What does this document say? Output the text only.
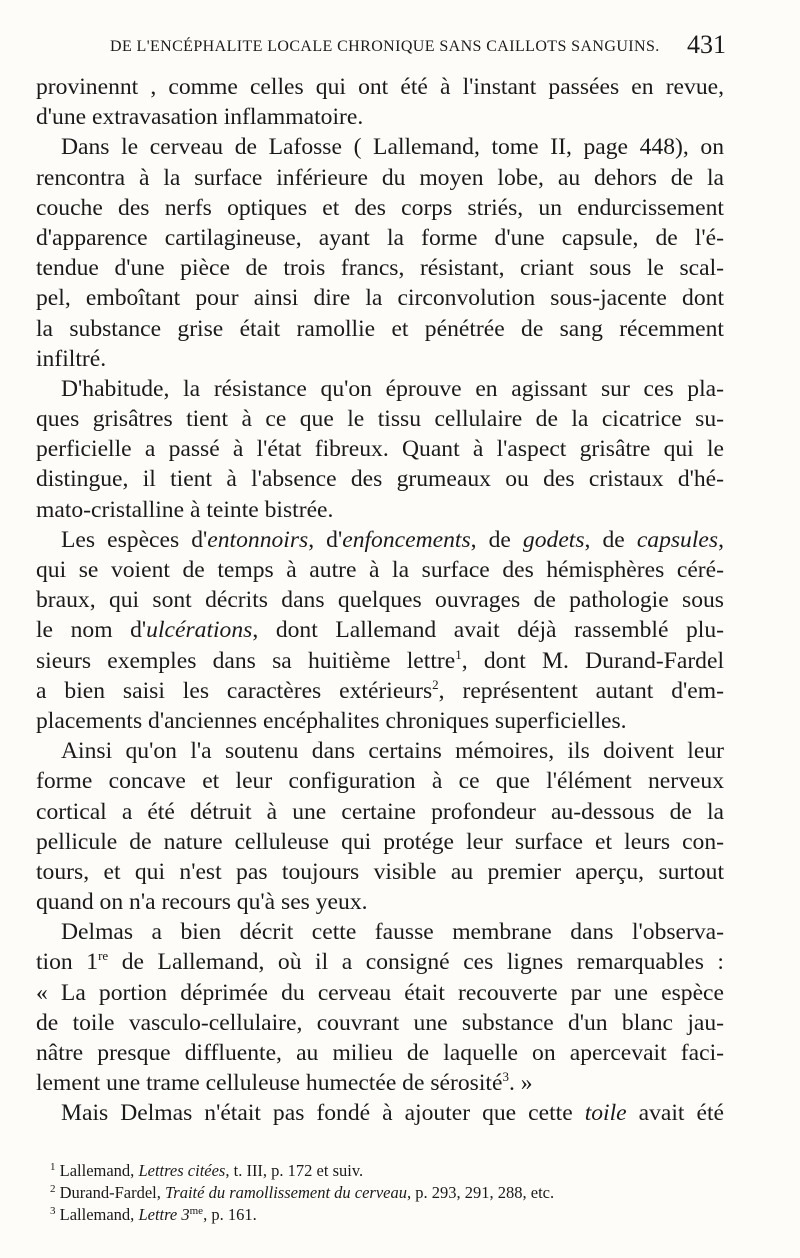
DE L'ENCÉPHALITE LOCALE CHRONIQUE SANS CAILLOTS SANGUINS. 431
provinennt , comme celles qui ont été à l'instant passées en revue,
d'une extravasation inflammatoire.
Dans le cerveau de Lafosse ( Lallemand, tome II, page 448), on
rencontra à la surface inférieure du moyen lobe, au dehors de la
couche des nerfs optiques et des corps striés, un endurcissement
d'apparence cartilagineuse, ayant la forme d'une capsule, de l'é-
tendue d'une pièce de trois francs, résistant, criant sous le scal-
pel, emboîtant pour ainsi dire la circonvolution sous-jacente dont
la substance grise était ramollie et pénétrée de sang récemment
infiltré.
D'habitude, la résistance qu'on éprouve en agissant sur ces pla-
ques grisâtres tient à ce que le tissu cellulaire de la cicatrice su-
perficielle a passé à l'état fibreux. Quant à l'aspect grisâtre qui le
distingue, il tient à l'absence des grumeaux ou des cristaux d'hé-
mato-cristalline à teinte bistrée.
Les espèces d'entonnoirs, d'enfoncements, de godets, de capsules,
qui se voient de temps à autre à la surface des hémisphères céré-
braux, qui sont décrits dans quelques ouvrages de pathologie sous
le nom d'ulcérations, dont Lallemand avait déjà rassemblé plu-
sieurs exemples dans sa huitième lettre$^1$, dont M. Durand-Fardel
a bien saisi les caractères extérieurs$^2$, représentent autant d'em-
placements d'anciennes encéphalites chroniques superficielles.
Ainsi qu'on l'a soutenu dans certains mémoires, ils doivent leur
forme concave et leur configuration à ce que l'élément nerveux
cortical a été détruit à une certaine profondeur au-dessous de la
pellicule de nature celluleuse qui protége leur surface et leurs con-
tours, et qui n'est pas toujours visible au premier aperçu, surtout
quand on n'a recours qu'à ses yeux.
Delmas a bien décrit cette fausse membrane dans l'observa-
tion 1re de Lallemand, où il a consigné ces lignes remarquables :
« La portion déprimée du cerveau était recouverte par une espèce
de toile vasculo-cellulaire, couvrant une substance d'un blanc jau-
nâtre presque diffluente, au milieu de laquelle on apercevait faci-
lement une trame celluleuse humectée de sérosité$^3$. »
Mais Delmas n'était pas fondé à ajouter que cette toile avait été
$^1$ Lallemand, Lettres citées, t. III, p. 172 et suiv.
$^2$ Durand-Fardel, Traité du ramollissement du cerveau, p. 293, 291, 288, etc.
$^3$ Lallemand, Lettre $3^{me}$, p. 161.
